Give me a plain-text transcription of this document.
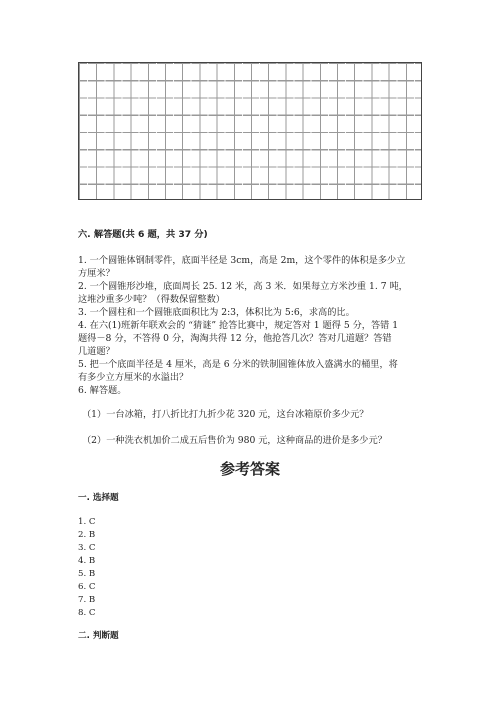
六. 解答题(共 6 题，共 37 分)
1. 一个圆锥体钢制零件，底面半径是 3cm，高是 2m，这个零件的体积是多少立
方厘米？
2. 一个圆锥形沙堆，底面周长 25. 12 米，高 3 米．如果每立方米沙重 1. 7 吨，
这堆沙重多少吨？（得数保留整数）
3. 一个圆柱和一个圆锥底面积比为 2:3，体积比为 5:6，求高的比。
4. 在六(1)班新年联欢会的 “猜谜” 抢答比赛中，规定答对 1 题得 5 分，答错 1
题得－8 分，不答得 0 分，淘淘共得 12 分，他抢答几次？答对几道题？答错
几道题？
5. 把一个底面半径是 4 厘米，高是 6 分米的铁制圆锥体放入盛满水的桶里，将
有多少立方厘米的水溢出？
6. 解答题。
（1）一台冰箱，打八折比打九折少花 320 元，这台冰箱原价多少元？
（2）一种洗衣机加价二成五后售价为 980 元，这种商品的进价是多少元？
参考答案
一. 选择题
1. C
2. B
3. C
4. B
5. B
6. C
7. B
8. C
二. 判断题
